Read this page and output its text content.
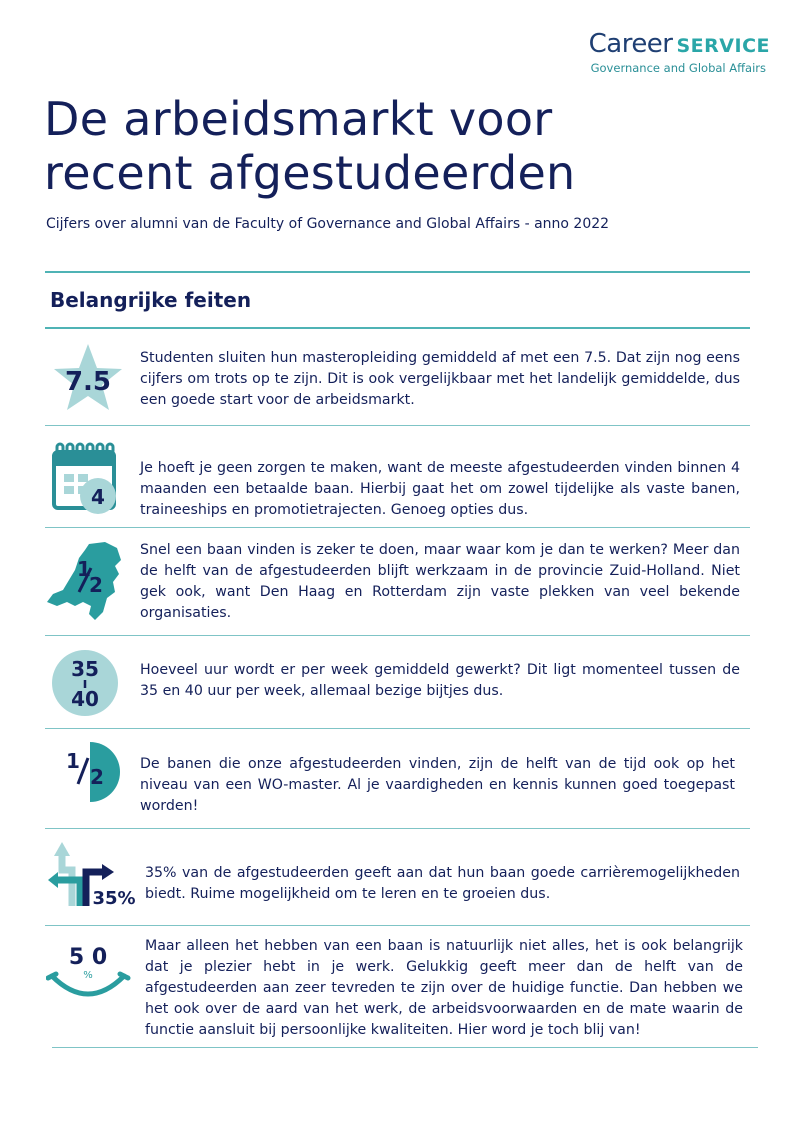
Career SERVICE
Governance and Global Affairs
De arbeidsmarkt voor
recent afgestudeerden
Cijfers over alumni van de Faculty of Governance and Global Affairs - anno 2022
Belangrijke feiten
7.5

Studenten sluiten hun masteropleiding gemiddeld af met een 7.5. Dat zijn nog eens cijfers om trots op te zijn. Dit is ook vergelijkbaar met het landelijk gemiddelde, dus een goede start voor de arbeidsmarkt.

4

Je hoeft je geen zorgen te maken, want de meeste afgestudeerden vinden binnen 4 maanden een betaalde baan. Hierbij gaat het om zowel tijdelijke als vaste banen, traineeships en promotietrajecten. Genoeg opties dus.

1
2

Snel een baan vinden is zeker te doen, maar waar kom je dan te werken? Meer dan de helft van de afgestudeerden blijft werkzaam in de provincie Zuid-Holland. Niet gek ook, want Den Haag en Rotterdam zijn vaste plekken van veel bekende organisaties.

35
40

Hoeveel uur wordt er per week gemiddeld gewerkt? Dit ligt momenteel tussen de 35 en 40 uur per week, allemaal bezige bijtjes dus.

1
2

De banen die onze afgestudeerden vinden, zijn de helft van de tijd ook op het niveau van een WO-master. Al je vaardigheden en kennis kunnen goed toegepast worden!

35%

35% van de afgestudeerden geeft aan dat hun baan goede carrièremogelijkheden biedt. Ruime mogelijkheid om te leren en te groeien dus.

5 0
%

Maar alleen het hebben van een baan is natuurlijk niet alles, het is ook belangrijk dat je plezier hebt in je werk. Gelukkig geeft meer dan de helft van de afgestudeerden aan zeer tevreden te zijn over de huidige functie. Dan hebben we het ook over de aard van het werk, de arbeidsvoorwaarden en de mate waarin de functie aansluit bij persoonlijke kwaliteiten. Hier word je toch blij van!
